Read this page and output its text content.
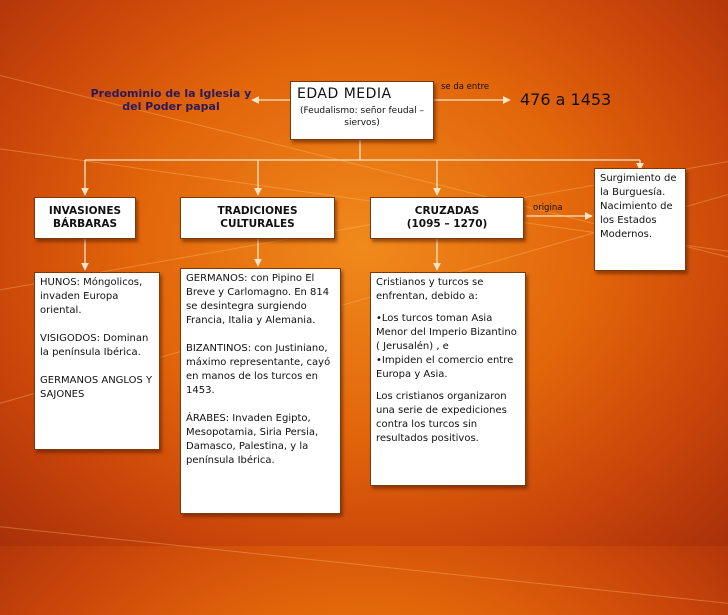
Predominio de la Iglesia y del Poder papal
EDAD MEDIA
(Feudalismo: señor feudal – siervos)
se da entre
476 a 1453
INVASIONES BÁRBARAS
TRADICIONES CULTURALES
CRUZADAS
(1095 – 1270)
origina
Surgimiento de la Burguesía. Nacimiento de los Estados Modernos.

HUNOS: Móngolicos, invaden Europa oriental.

VISIGODOS: Dominan la península Ibérica.

GERMANOS ANGLOS Y SAJONES

GERMANOS: con Pipino El Breve y Carlomagno. En 814 se desintegra surgiendo Francia, Italia y Alemania.

BIZANTINOS: con Justiniano, máximo representante, cayó en manos de los turcos en 1453.

ÁRABES: Invaden Egipto, Mesopotamia, Siria Persia, Damasco, Palestina, y la península Ibérica.

Cristianos y turcos se enfrentan, debido a:

•Los turcos toman Asia Menor del Imperio Bizantino ( Jerusalén) , e
•Impiden el comercio entre Europa y Asia.

Los cristianos organizaron una serie de expediciones contra los turcos sin resultados positivos.
